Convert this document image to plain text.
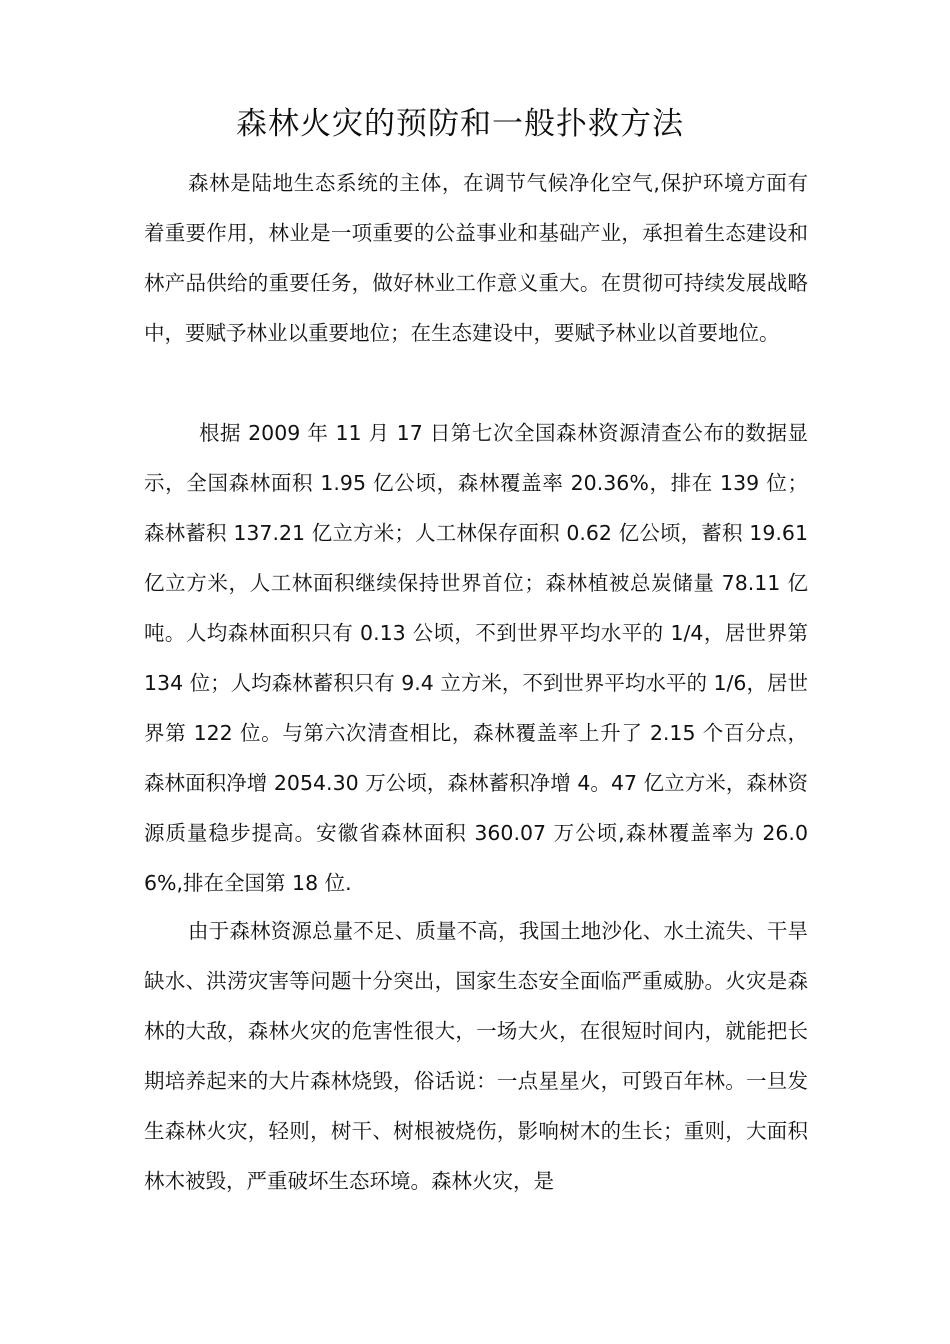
森林火灾的预防和一般扑救方法

森林是陆地生态系统的主体，在调节气候净化空气,保护环境方面有着重要作用，林业是一项重要的公益事业和基础产业，承担着生态建设和林产品供给的重要任务，做好林业工作意义重大。在贯彻可持续发展战略中，要赋予林业以重要地位；在生态建设中，要赋予林业以首要地位。

根据 2009 年 11 月 17 日第七次全国森林资源清查公布的数据显示，全国森林面积 1.95 亿公顷，森林覆盖率 20.36%，排在 139 位；森林蓄积 137.21 亿立方米；人工林保存面积 0.62 亿公顷，蓄积 19.61 亿立方米，人工林面积继续保持世界首位；森林植被总炭储量 78.11 亿吨。人均森林面积只有 0.13 公顷，不到世界平均水平的 1/4，居世界第 134 位；人均森林蓄积只有 9.4 立方米，不到世界平均水平的 1/6，居世界第 122 位。与第六次清查相比，森林覆盖率上升了 2.15 个百分点，森林面积净增 2054.30 万公顷，森林蓄积净增 4。47 亿立方米，森林资源质量稳步提高。安徽省森林面积 360.07 万公顷,森林覆盖率为 26.06%,排在全国第 18 位.

由于森林资源总量不足、质量不高，我国土地沙化、水土流失、干旱缺水、洪涝灾害等问题十分突出，国家生态安全面临严重威胁。火灾是森林的大敌，森林火灾的危害性很大，一场大火，在很短时间内，就能把长期培养起来的大片森林烧毁，俗话说：一点星星火，可毁百年林。一旦发生森林火灾，轻则，树干、树根被烧伤，影响树木的生长；重则，大面积林木被毁，严重破坏生态环境。森林火灾，是
